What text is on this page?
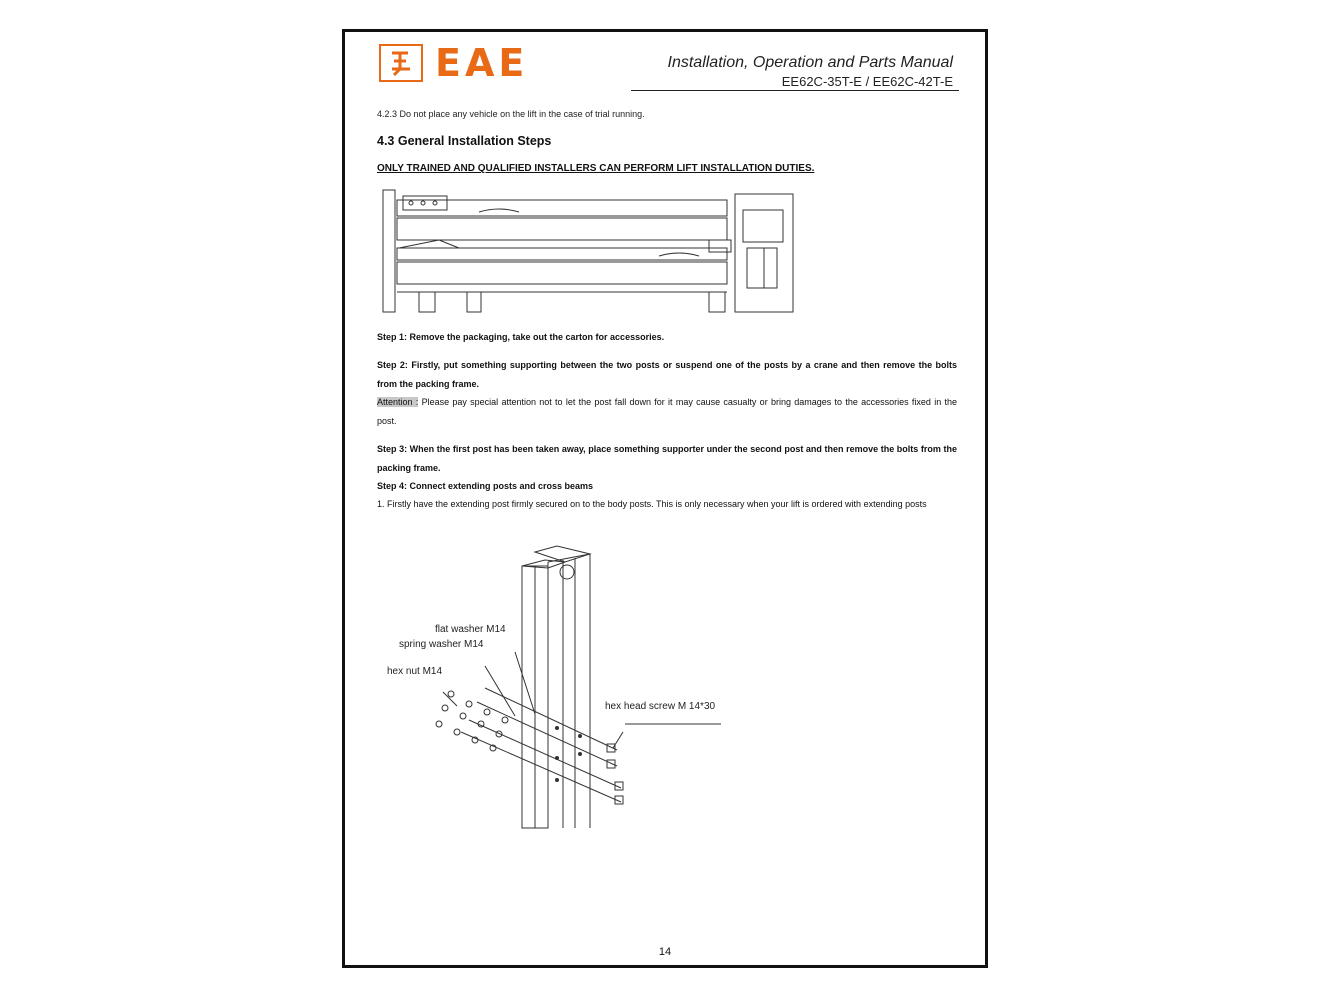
EAE	Installation, Operation and Parts Manual
EE62C-35T-E / EE62C-42T-E
4.2.3 Do not place any vehicle on the lift in the case of trial running.
4.3 General Installation Steps
ONLY TRAINED AND QUALIFIED INSTALLERS CAN PERFORM LIFT INSTALLATION DUTIES.
Step 1: Remove the packaging, take out the carton for accessories.
Step 2: Firstly, put something supporting between the two posts or suspend one of the posts by a crane and then remove the bolts from the packing frame.
Attention : Please pay special attention not to let the post fall down for it may cause casualty or bring damages to the accessories fixed in the post.
Step 3: When the first post has been taken away, place something supporter under the second post and then remove the bolts from the packing frame.
Step 4: Connect extending posts and cross beams
1. Firstly have the extending post firmly secured on to the body posts. This is only necessary when your lift is ordered with extending posts
flat washer M14
spring washer M14
hex nut M14
hex head screw M 14*30
14
